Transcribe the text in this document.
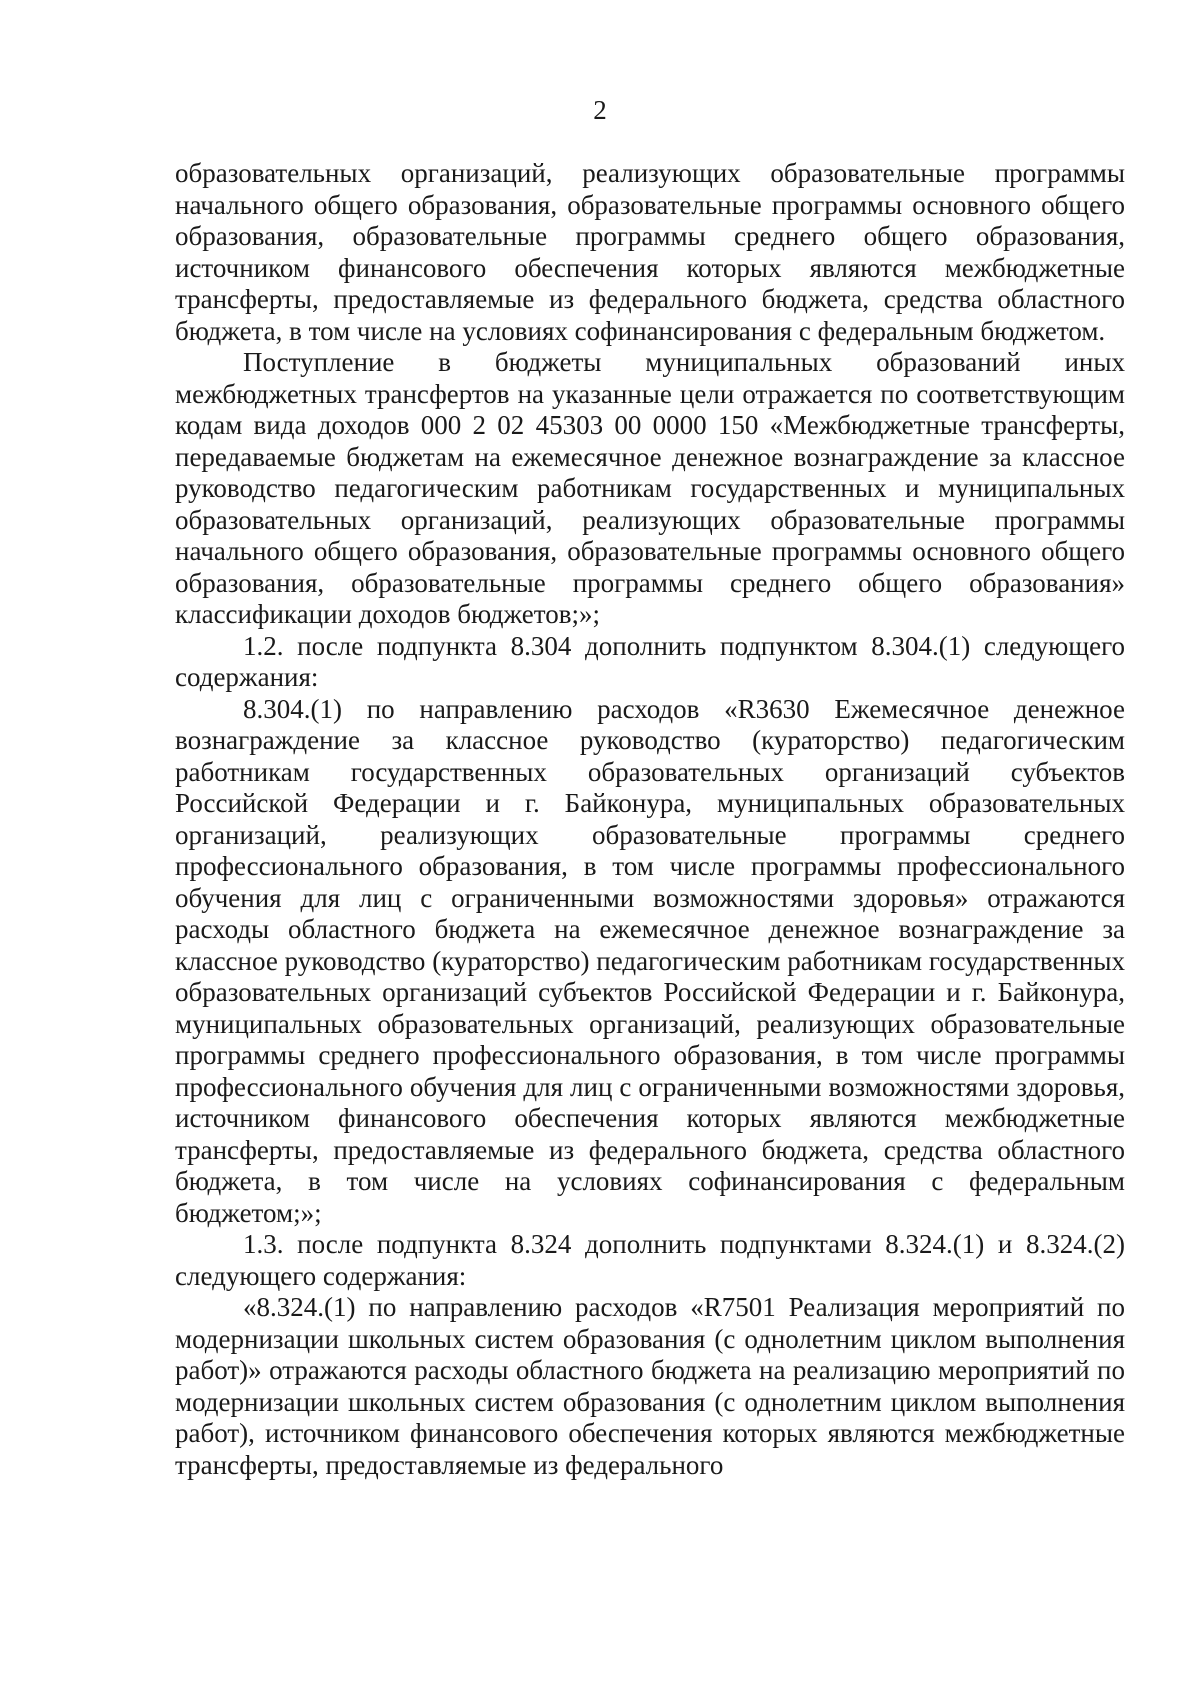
2

образовательных организаций, реализующих образовательные программы начального общего образования, образовательные программы основного общего образования, образовательные программы среднего общего образования, источником финансового обеспечения которых являются межбюджетные трансферты, предоставляемые из федерального бюджета, средства областного бюджета, в том числе на условиях софинансирования с федеральным бюджетом.

Поступление в бюджеты муниципальных образований иных межбюджетных трансфертов на указанные цели отражается по соответствующим кодам вида доходов 000 2 02 45303 00 0000 150 «Межбюджетные трансферты, передаваемые бюджетам на ежемесячное денежное вознаграждение за классное руководство педагогическим работникам государственных и муниципальных образовательных организаций, реализующих образовательные программы начального общего образования, образовательные программы основного общего образования, образовательные программы среднего общего образования» классификации доходов бюджетов;»;

1.2. после подпункта 8.304 дополнить подпунктом 8.304.(1) следующего содержания:

8.304.(1) по направлению расходов «R3630 Ежемесячное денежное вознаграждение за классное руководство (кураторство) педагогическим работникам государственных образовательных организаций субъектов Российской Федерации и г. Байконура, муниципальных образовательных организаций, реализующих образовательные программы среднего профессионального образования, в том числе программы профессионального обучения для лиц с ограниченными возможностями здоровья» отражаются расходы областного бюджета на ежемесячное денежное вознаграждение за классное руководство (кураторство) педагогическим работникам государственных образовательных организаций субъектов Российской Федерации и г. Байконура, муниципальных образовательных организаций, реализующих образовательные программы среднего профессионального образования, в том числе программы профессионального обучения для лиц с ограниченными возможностями здоровья, источником финансового обеспечения которых являются межбюджетные трансферты, предоставляемые из федерального бюджета, средства областного бюджета, в том числе на условиях софинансирования с федеральным бюджетом;»;

1.3. после подпункта 8.324 дополнить подпунктами 8.324.(1) и 8.324.(2) следующего содержания:

«8.324.(1) по направлению расходов «R7501 Реализация мероприятий по модернизации школьных систем образования (с однолетним циклом выполнения работ)» отражаются расходы областного бюджета на реализацию мероприятий по модернизации школьных систем образования (с однолетним циклом выполнения работ), источником финансового обеспечения которых являются межбюджетные трансферты, предоставляемые из федерального
